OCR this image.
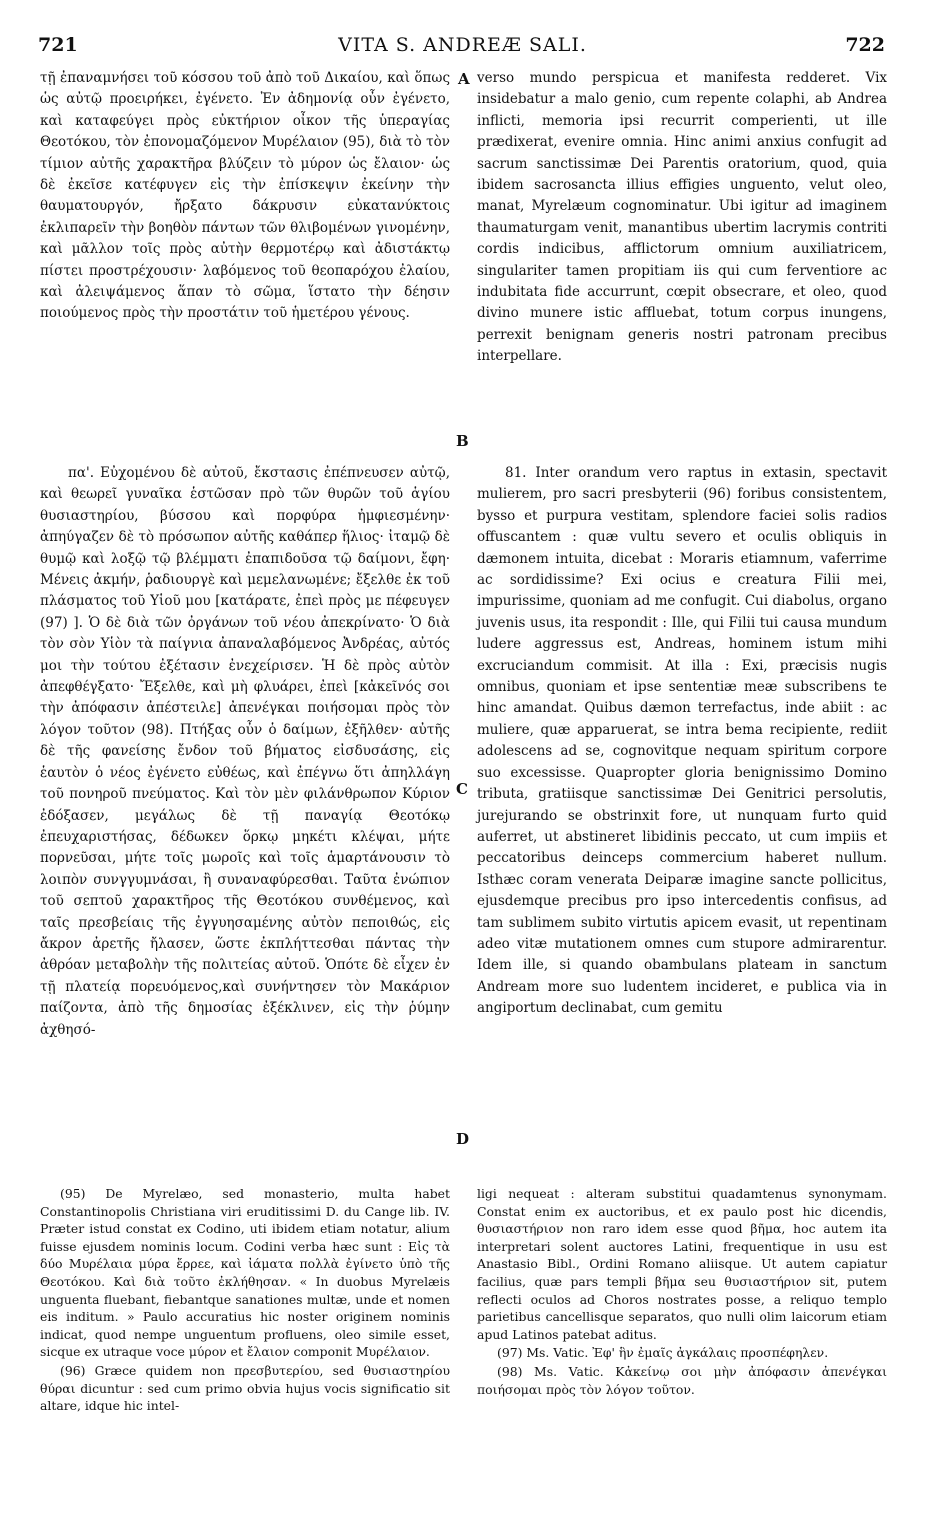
721	VITA S. ANDREÆ SALI.	722

τῇ ἐπαναμνήσει τοῦ κόσσου τοῦ ἀπὸ τοῦ Δικαίου, καὶ ὅπως ὡς αὐτῷ προειρήκει, ἐγένετο. Ἐν ἀδημονίᾳ οὖν ἐγένετο, καὶ καταφεύγει πρὸς εὐκτήριον οἶκον τῆς ὑπεραγίας Θεοτόκου, τὸν ἐπονομαζόμενον Μυρέλαιον (95), διὰ τὸ τὸν τίμιον αὐτῆς χαρακτῆρα βλύζειν τὸ μύρον ὡς ἔλαιον· ὡς δὲ ἐκεῖσε κατέφυγεν εἰς τὴν ἐπίσκεψιν ἐκείνην τὴν θαυματουργόν, ἤρξατο δάκρυσιν εὐκατανύκτοις ἐκλιπαρεῖν τὴν βοηθὸν πάντων τῶν θλιβομένων γινομένην, καὶ μᾶλλον τοῖς πρὸς αὐτὴν θερμοτέρῳ καὶ ἀδιστάκτῳ πίστει προστρέχουσιν· λαβόμενος τοῦ θεοπαρόχου ἐλαίου, καὶ ἀλειψάμενος ἅπαν τὸ σῶμα, ἵστατο τὴν δέησιν ποιούμενος πρὸς τὴν προστάτιν τοῦ ἡμετέρου γένους.

πα'. Εὐχομένου δὲ αὐτοῦ, ἔκστασις ἐπέπνευσεν αὐτῷ, καὶ θεωρεῖ γυναῖκα ἑστῶσαν πρὸ τῶν θυρῶν τοῦ ἁγίου θυσιαστηρίου, βύσσου καὶ πορφύρα ἠμφιεσμένην· ἀπηύγαζεν δὲ τὸ πρόσωπον αὐτῆς καθάπερ ἥλιος· ἰταμῷ δὲ θυμῷ καὶ λοξῷ τῷ βλέμματι ἐπαπιδοῦσα τῷ δαίμονι, ἔφη· Μένεις ἀκμήν, ῥαδιουργὲ καὶ μεμελανωμένε; ἔξελθε ἐκ τοῦ πλάσματος τοῦ Υἱοῦ μου [κατάρατε, ἐπεὶ πρὸς με πέφευγεν (97) ]. Ὁ δὲ διὰ τῶν ὀργάνων τοῦ νέου ἀπεκρίνατο· Ὁ διὰ τὸν σὸν Υἱὸν τὰ παίγνια ἀπαναλαβόμενος Ἀνδρέας, αὐτός μοι τὴν τούτου ἐξέτασιν ἐνεχείρισεν. Ἡ δὲ πρὸς αὐτὸν ἀπεφθέγξατο· Ἔξελθε, καὶ μὴ φλυάρει, ἐπεὶ [κἀκεῖνός σοι τὴν ἀπόφασιν ἀπέστειλε] ἀπενέγκαι ποιήσομαι πρὸς τὸν λόγον τοῦτον (98). Πτήξας οὖν ὁ δαίμων, ἐξῆλθεν· αὐτῆς δὲ τῆς φανείσης ἔνδον τοῦ βήματος εἰσδυσάσης, εἰς ἑαυτὸν ὁ νέος ἐγένετο εὐθέως, καὶ ἐπέγνω ὅτι ἀπηλλάγη τοῦ πονηροῦ πνεύματος. Καὶ τὸν μὲν φιλάνθρωπον Κύριον ἐδόξασεν, μεγάλως δὲ τῇ παναγίᾳ Θεοτόκῳ ἐπευχαριστήσας, δέδωκεν ὅρκῳ μηκέτι κλέψαι, μήτε πορνεῦσαι, μήτε τοῖς μωροῖς καὶ τοῖς ἁμαρτάνουσιν τὸ λοιπὸν συνγγυμνάσαι, ἢ συναναφύρεσθαι. Ταῦτα ἐνώπιον τοῦ σεπτοῦ χαρακτῆρος τῆς Θεοτόκου συνθέμενος, καὶ ταῖς πρεσβείαις τῆς ἐγγυησαμένης αὐτὸν πεποιθώς, εἰς ἄκρον ἀρετῆς ἤλασεν, ὥστε ἐκπλήττεσθαι πάντας τὴν ἀθρόαν μεταβολὴν τῆς πολιτείας αὐτοῦ. Ὁπότε δὲ εἶχεν ἐν τῇ πλατείᾳ πορευόμενος,καὶ συνήντησεν τὸν Μακάριον παίζοντα, ἀπὸ τῆς δημοσίας ἐξέκλινεν, εἰς τὴν ῥύμην ἀχθησό-

verso mundo perspicua et manifesta redderet. Vix insidebatur a malo genio, cum repente colaphi, ab Andrea inflicti, memoria ipsi recurrit comperienti, ut ille prædixerat, evenire omnia. Hinc animi anxius confugit ad sacrum sanctissimæ Dei Parentis oratorium, quod, quia ibidem sacrosancta illius effigies unguento, velut oleo, manat, Myrelæum cognominatur. Ubi igitur ad imaginem thaumaturgam venit, manantibus ubertim lacrymis contriti cordis indicibus, afflictorum omnium auxiliatricem, singulariter tamen propitiam iis qui cum ferventiore ac indubitata fide accurrunt, cœpit obsecrare, et oleo, quod divino munere istic affluebat, totum corpus inungens, perrexit benignam generis nostri patronam precibus interpellare.

81. Inter orandum vero raptus in extasin, spectavit mulierem, pro sacri presbyterii (96) foribus consistentem, bysso et purpura vestitam, splendore faciei solis radios offuscantem : quæ vultu severo et oculis obliquis in dæmonem intuita, dicebat : Moraris etiamnum, vaferrime ac sordidissime? Exi ocius e creatura Filii mei, impurissime, quoniam ad me confugit. Cui diabolus, organo juvenis usus, ita respondit : Ille, qui Filii tui causa mundum ludere aggressus est, Andreas, hominem istum mihi excruciandum commisit. At illa : Exi, præcisis nugis omnibus, quoniam et ipse sententiæ meæ subscribens te hinc amandat. Quibus dæmon terrefactus, inde abiit : ac muliere, quæ apparuerat, se intra bema recipiente, rediit adolescens ad se, cognovitque nequam spiritum corpore suo excessisse. Quapropter gloria benignissimo Domino tributa, gratiisque sanctissimæ Dei Genitrici persolutis, jurejurando se obstrinxit fore, ut nunquam furto quid auferret, ut abstineret libidinis peccato, ut cum impiis et peccatoribus deinceps commercium haberet nullum. Isthæc coram venerata Deiparæ imagine sancte pollicitus, ejusdemque precibus pro ipso intercedentis confisus, ad tam sublimem subito virtutis apicem evasit, ut repentinam adeo vitæ mutationem omnes cum stupore admirarentur. Idem ille, si quando obambulans plateam in sanctum Andream more suo ludentem incideret, e publica via in angiportum declinabat, cum gemitu

A
B
C
D

(95) De Myrelæo, sed monasterio, multa habet Constantinopolis Christiana viri eruditissimi D. du Cange lib. IV. Præter istud constat ex Codino, uti ibidem etiam notatur, alium fuisse ejusdem nominis locum. Codini verba hæc sunt : Εἰς τὰ δύο Μυρέλαια μύρα ἔρρεε, καὶ ἰάματα πολλὰ ἐγίνετο ὑπὸ τῆς Θεοτόκου. Καὶ διὰ τοῦτο ἐκλήθησαν. « In duobus Myrelæis unguenta fluebant, fiebantque sanationes multæ, unde et nomen eis inditum. » Paulo accuratius hic noster originem nominis indicat, quod nempe unguentum profluens, oleo simile esset, sicque ex utraque voce μύρον et ἔλαιον componit Μυρέλαιον.

(96) Græce quidem non πρεσβυτερίου, sed θυσιαστηρίου θύραι dicuntur : sed cum primo obvia hujus vocis significatio sit altare, idque hic intel-

ligi nequeat : alteram substitui quadamtenus synonymam. Constat enim ex auctoribus, et ex paulo post hic dicendis, θυσιαστήριον non raro idem esse quod βῆμα, hoc autem ita interpretari solent auctores Latini, frequentique in usu est Anastasio Bibl., Ordini Romano aliisque. Ut autem capiatur facilius, quæ pars templi βῆμα seu θυσιαστήριον sit, putem reflecti oculos ad Choros nostrates posse, a reliquo templo parietibus cancellisque separatos, quo nulli olim laicorum etiam apud Latinos patebat aditus.

(97) Ms. Vatic. Ἐφ' ἣν ἐμαῖς ἀγκάλαις προσπέφηλεν.

(98) Ms. Vatic. Κἀκείνῳ σοι μὴν ἀπόφασιν ἀπενέγκαι ποιήσομαι πρὸς τὸν λόγον τοῦτον.
